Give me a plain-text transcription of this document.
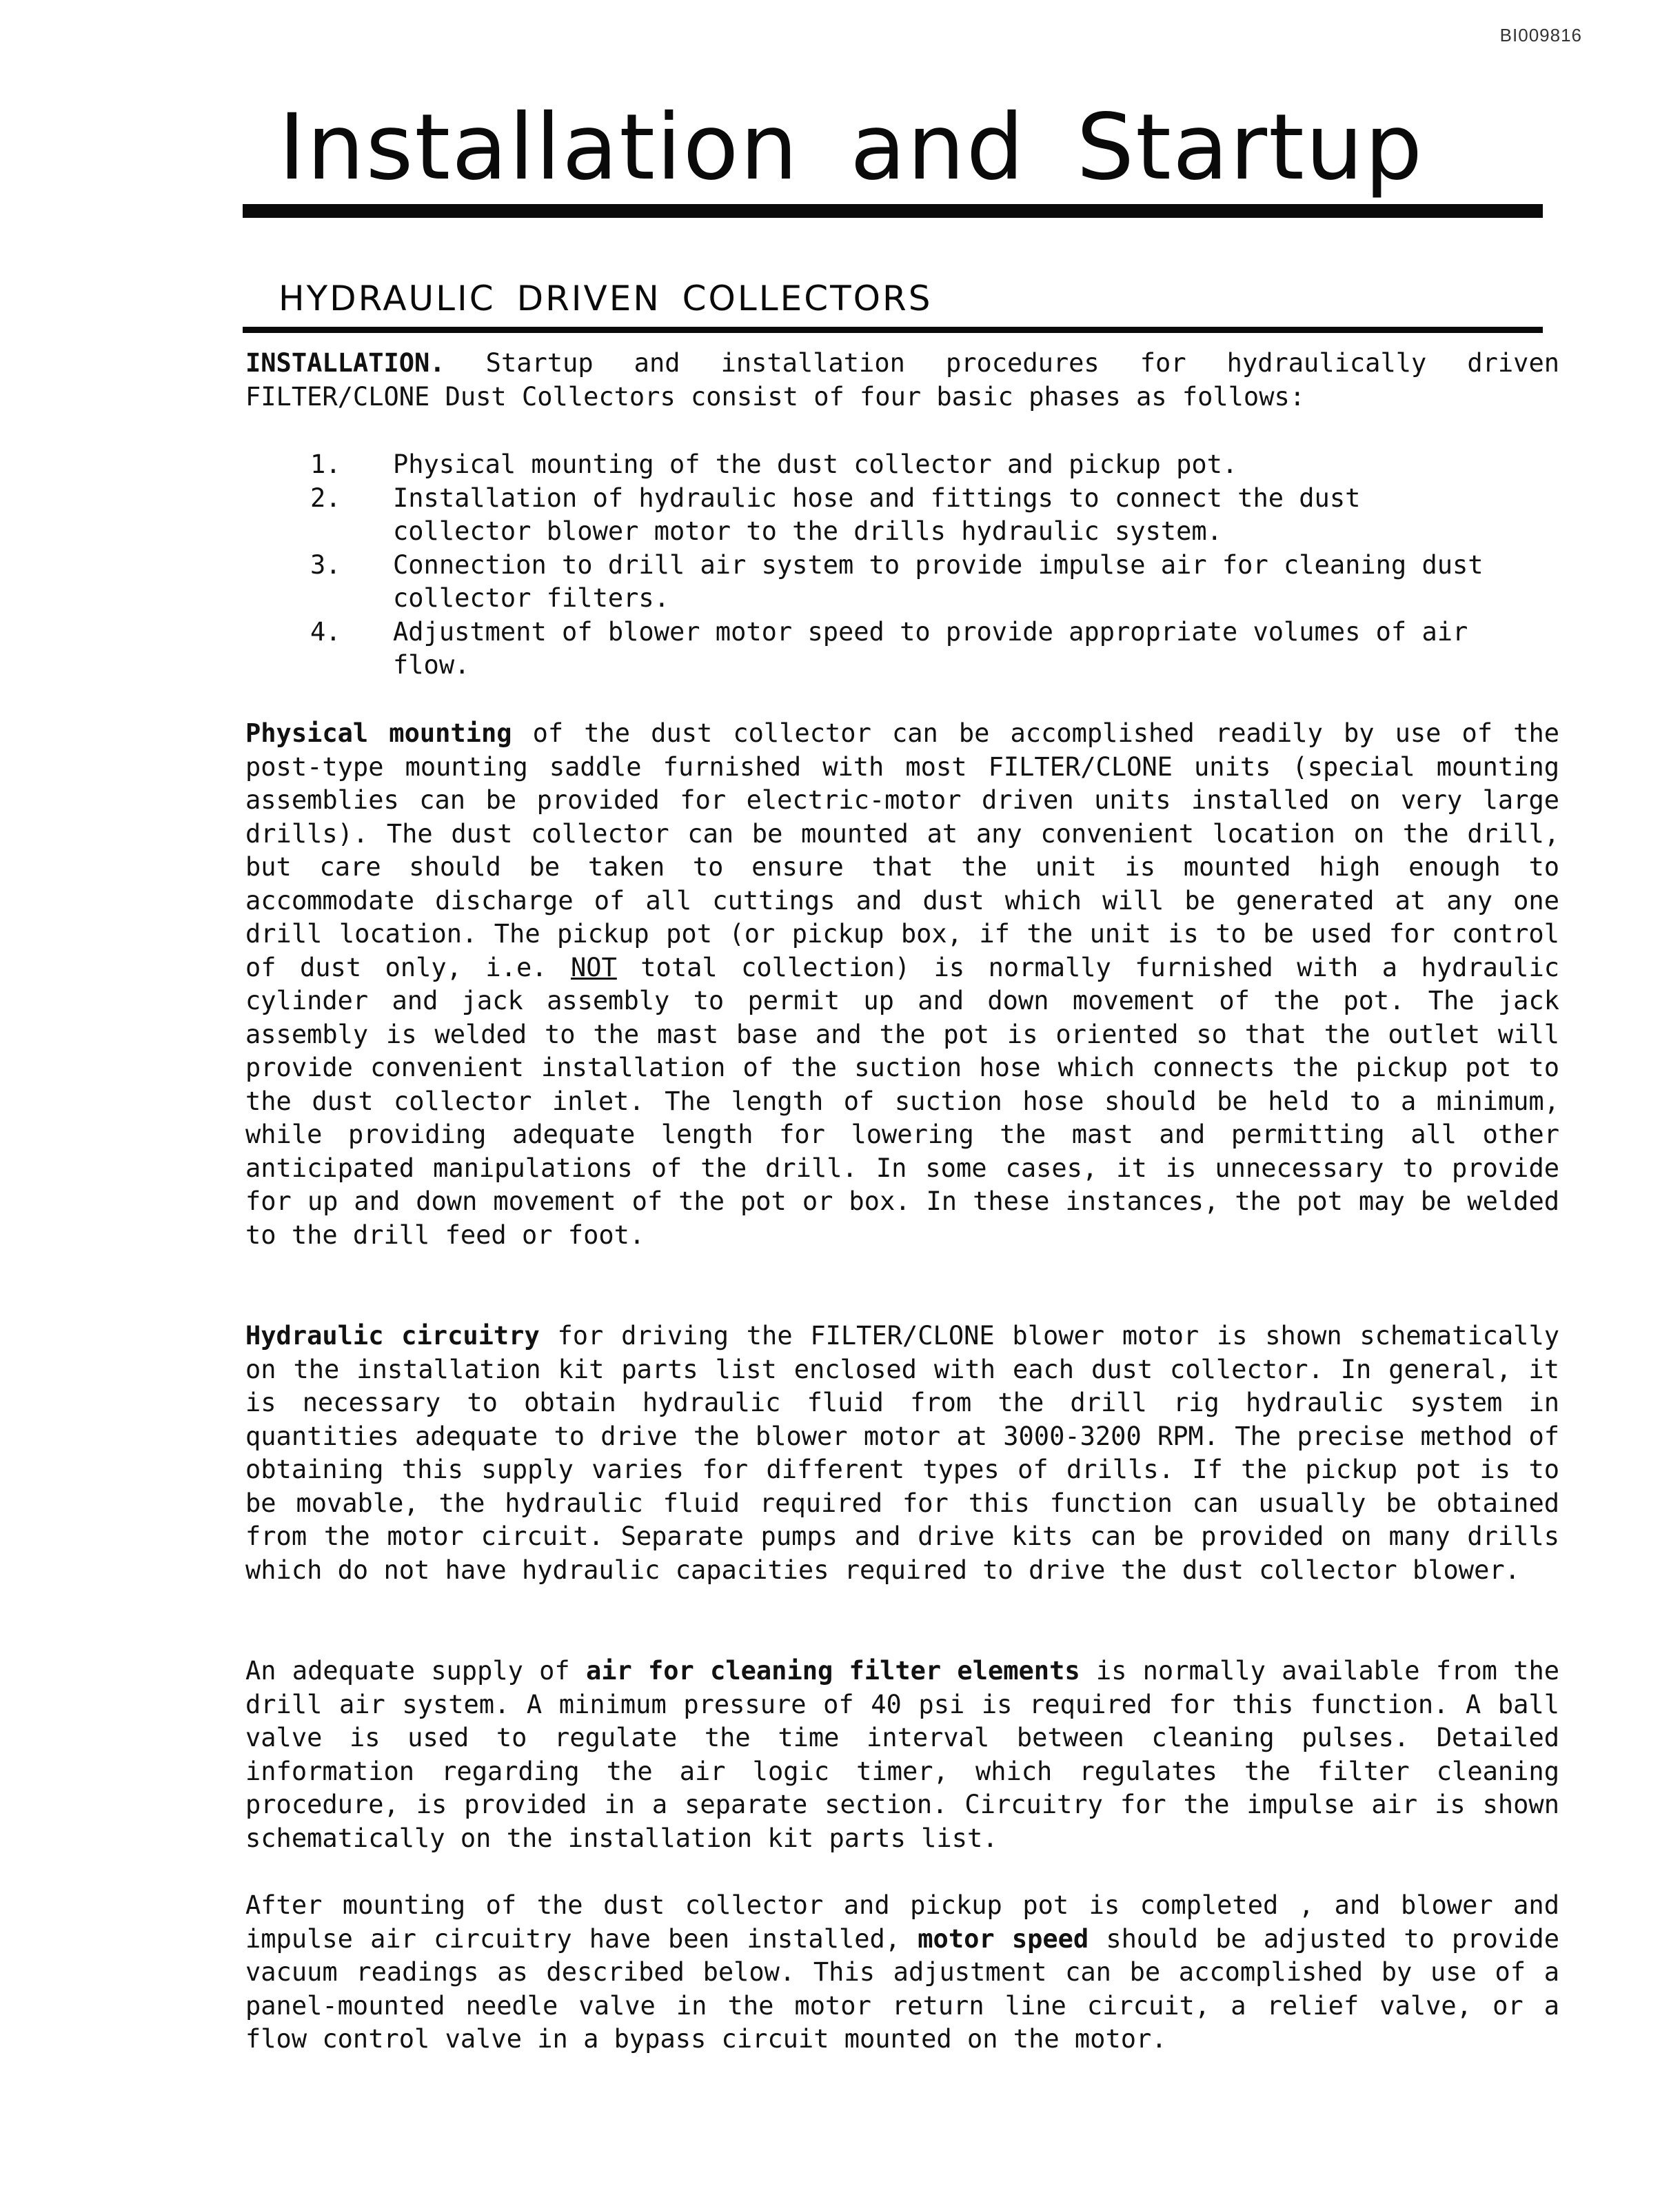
BI009816
Installation and Startup
HYDRAULIC DRIVEN COLLECTORS

INSTALLATION. Startup and installation procedures for hydraulically driven FILTER/CLONE Dust Collectors consist of four basic phases as follows:

1.	Physical mounting of the dust collector and pickup pot.
2.	Installation of hydraulic hose and fittings to connect the dust collector blower motor to the drills hydraulic system.
3.	Connection to drill air system to provide impulse air for cleaning dust collector filters.
4.	Adjustment of blower motor speed to provide appropriate volumes of air flow.

Physical mounting of the dust collector can be accomplished readily by use of the post-type mounting saddle furnished with most FILTER/CLONE units (special mounting assemblies can be provided for electric-motor driven units installed on very large drills). The dust collector can be mounted at any convenient location on the drill, but care should be taken to ensure that the unit is mounted high enough to accommodate discharge of all cuttings and dust which will be generated at any one drill location. The pickup pot (or pickup box, if the unit is to be used for control of dust only, i.e. NOT total collection) is normally furnished with a hydraulic cylinder and jack assembly to permit up and down movement of the pot. The jack assembly is welded to the mast base and the pot is oriented so that the outlet will provide convenient installation of the suction hose which connects the pickup pot to the dust collector inlet. The length of suction hose should be held to a minimum, while providing adequate length for lowering the mast and permitting all other anticipated manipulations of the drill. In some cases, it is unnecessary to provide for up and down movement of the pot or box. In these instances, the pot may be welded to the drill feed or foot.

Hydraulic circuitry for driving the FILTER/CLONE blower motor is shown schematically on the installation kit parts list enclosed with each dust collector. In general, it is necessary to obtain hydraulic fluid from the drill rig hydraulic system in quantities adequate to drive the blower motor at 3000-3200 RPM. The precise method of obtaining this supply varies for different types of drills. If the pickup pot is to be movable, the hydraulic fluid required for this function can usually be obtained from the motor circuit. Separate pumps and drive kits can be provided on many drills which do not have hydraulic capacities required to drive the dust collector blower.

An adequate supply of air for cleaning filter elements is normally available from the drill air system. A minimum pressure of 40 psi is required for this function. A ball valve is used to regulate the time interval between cleaning pulses. Detailed information regarding the air logic timer, which regulates the filter cleaning procedure, is provided in a separate section. Circuitry for the impulse air is shown schematically on the installation kit parts list.

After mounting of the dust collector and pickup pot is completed , and blower and impulse air circuitry have been installed, motor speed should be adjusted to provide vacuum readings as described below. This adjustment can be accomplished by use of a panel-mounted needle valve in the motor return line circuit, a relief valve, or a flow control valve in a bypass circuit mounted on the motor.
